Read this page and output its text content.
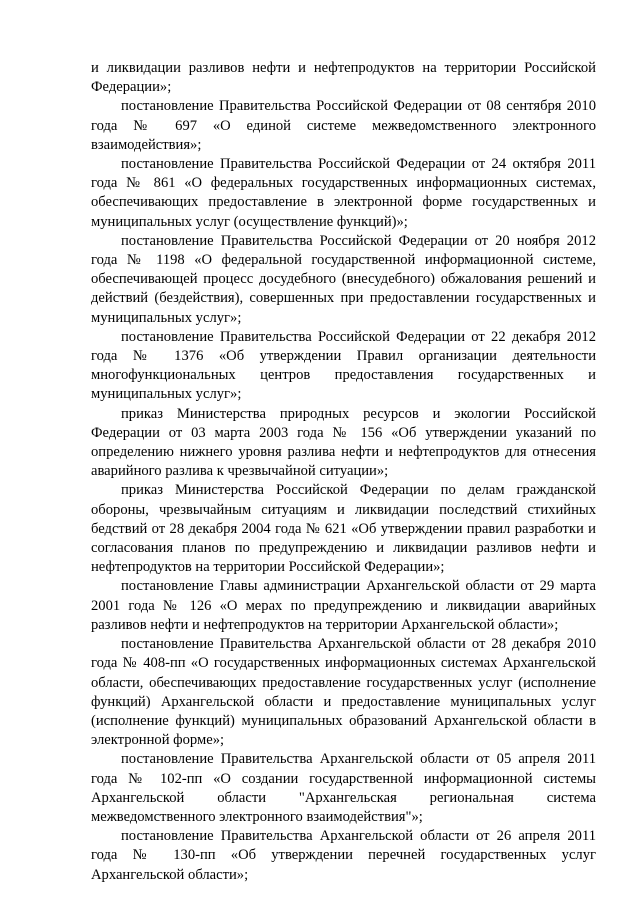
и ликвидации разливов нефти и нефтепродуктов на территории Российской Федерации»;

постановление Правительства Российской Федерации от 08 сентября 2010 года № 697 «О единой системе межведомственного электронного взаимодействия»;

постановление Правительства Российской Федерации от 24 октября 2011 года № 861 «О федеральных государственных информационных системах, обеспечивающих предоставление в электронной форме государственных и муниципальных услуг (осуществление функций)»;

постановление Правительства Российской Федерации от 20 ноября 2012 года № 1198 «О федеральной государственной информационной системе, обеспечивающей процесс досудебного (внесудебного) обжалования решений и действий (бездействия), совершенных при предоставлении государственных и муниципальных услуг»;

постановление Правительства Российской Федерации от 22 декабря 2012 года № 1376 «Об утверждении Правил организации деятельности многофункциональных центров предоставления государственных и муниципальных услуг»;

приказ Министерства природных ресурсов и экологии Российской Федерации от 03 марта 2003 года № 156 «Об утверждении указаний по определению нижнего уровня разлива нефти и нефтепродуктов для отнесения аварийного разлива к чрезвычайной ситуации»;

приказ Министерства Российской Федерации по делам гражданской обороны, чрезвычайным ситуациям и ликвидации последствий стихийных бедствий от 28 декабря 2004 года № 621 «Об утверждении правил разработки и согласования планов по предупреждению и ликвидации разливов нефти и нефтепродуктов на территории Российской Федерации»;

постановление Главы администрации Архангельской области от 29 марта 2001 года № 126 «О мерах по предупреждению и ликвидации аварийных разливов нефти и нефтепродуктов на территории Архангельской области»;

постановление Правительства Архангельской области от 28 декабря 2010 года № 408-пп «О государственных информационных системах Архангельской области, обеспечивающих предоставление государственных услуг (исполнение функций) Архангельской области и предоставление муниципальных услуг (исполнение функций) муниципальных образований Архангельской области в электронной форме»;

постановление Правительства Архангельской области от 05 апреля 2011 года № 102-пп «О создании государственной информационной системы Архангельской области "Архангельская региональная система межведомственного электронного взаимодействия"»;

постановление Правительства Архангельской области от 26 апреля 2011 года № 130-пп «Об утверждении перечней государственных услуг Архангельской области»;
